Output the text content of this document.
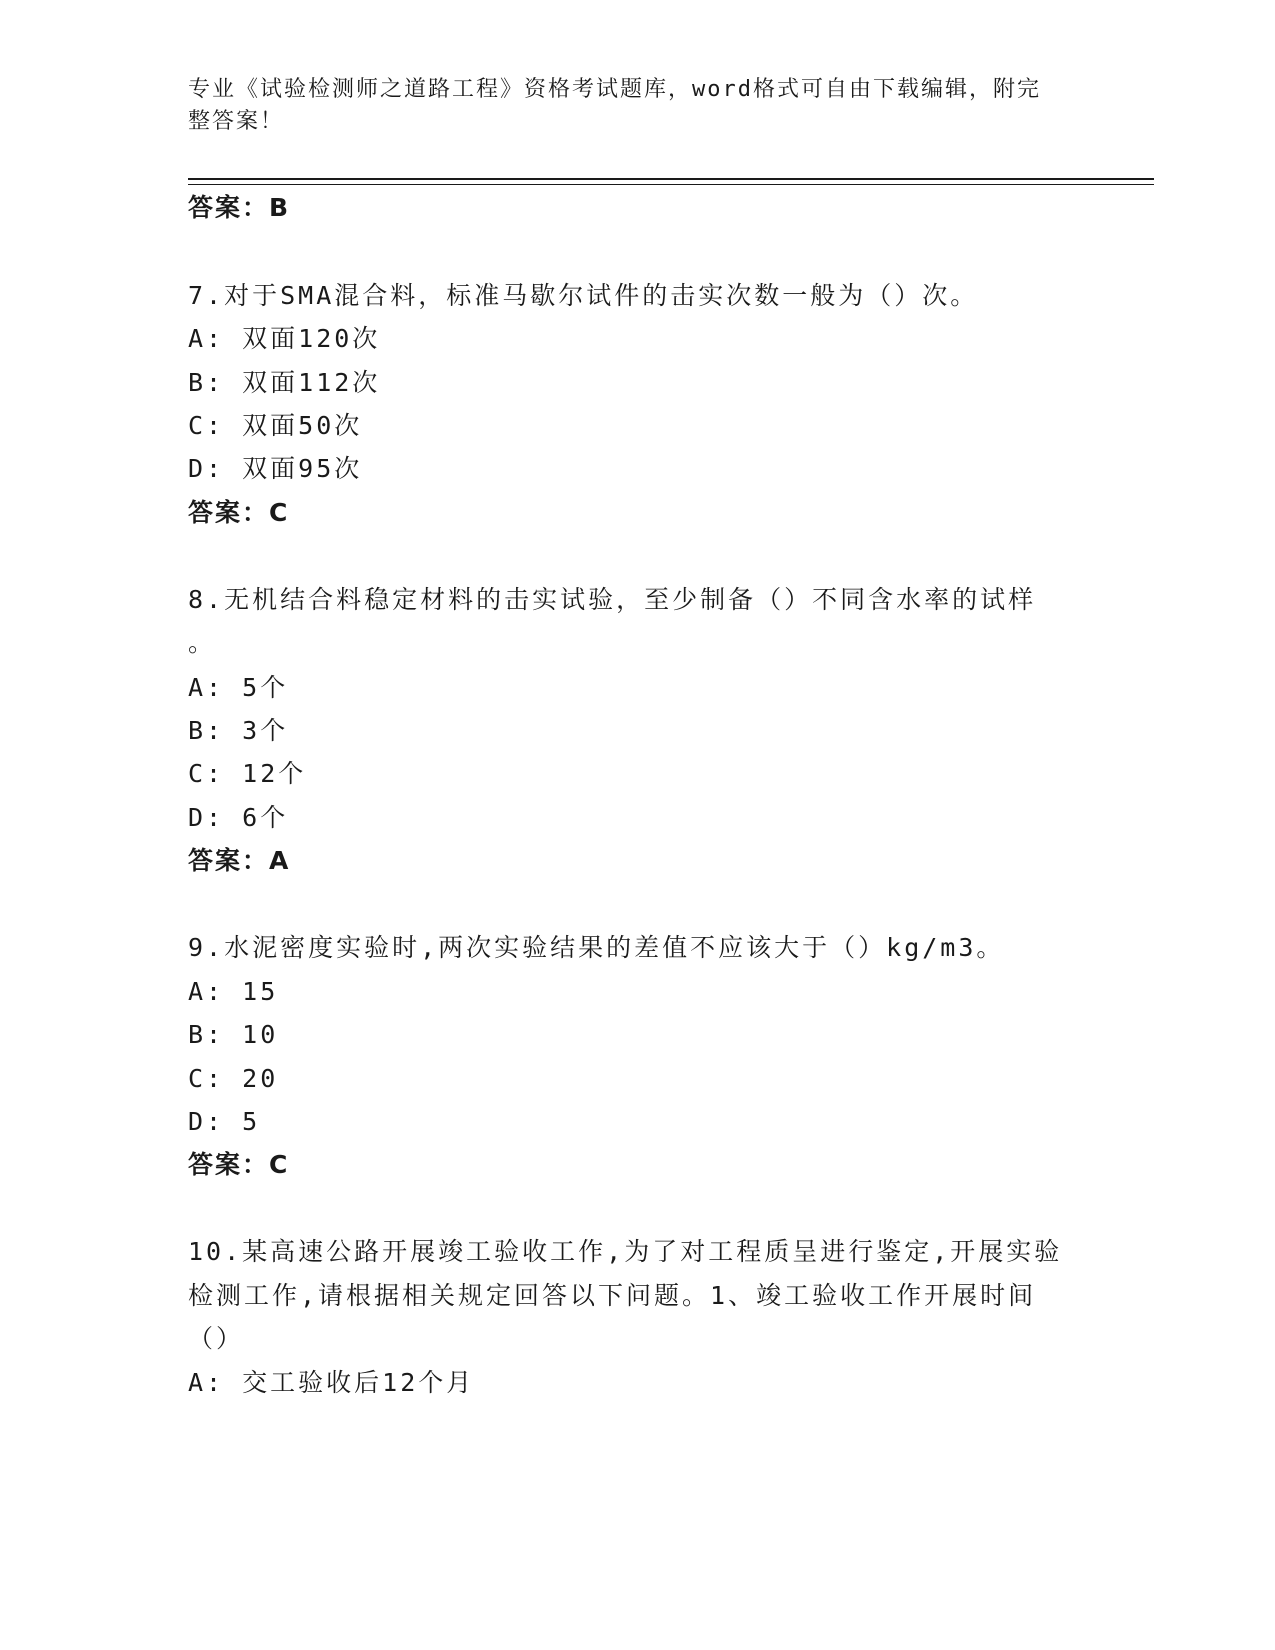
专业《试验检测师之道路工程》资格考试题库，word格式可自由下载编辑，附完
整答案！
答案：B
7.对于SMA混合料，标准马歇尔试件的击实次数一般为（）次。
A: 双面120次
B: 双面112次
C: 双面50次
D: 双面95次
答案：C
8.无机结合料稳定材料的击实试验，至少制备（）不同含水率的试样
。
A: 5个
B: 3个
C: 12个
D: 6个
答案：A
9.水泥密度实验时,两次实验结果的差值不应该大于（）kg/m3。
A: 15
B: 10
C: 20
D: 5
答案：C
10.某高速公路开展竣工验收工作,为了对工程质呈进行鉴定,开展实验
检测工作,请根据相关规定回答以下问题。1、竣工验收工作开展时间
（）
A: 交工验收后12个月
